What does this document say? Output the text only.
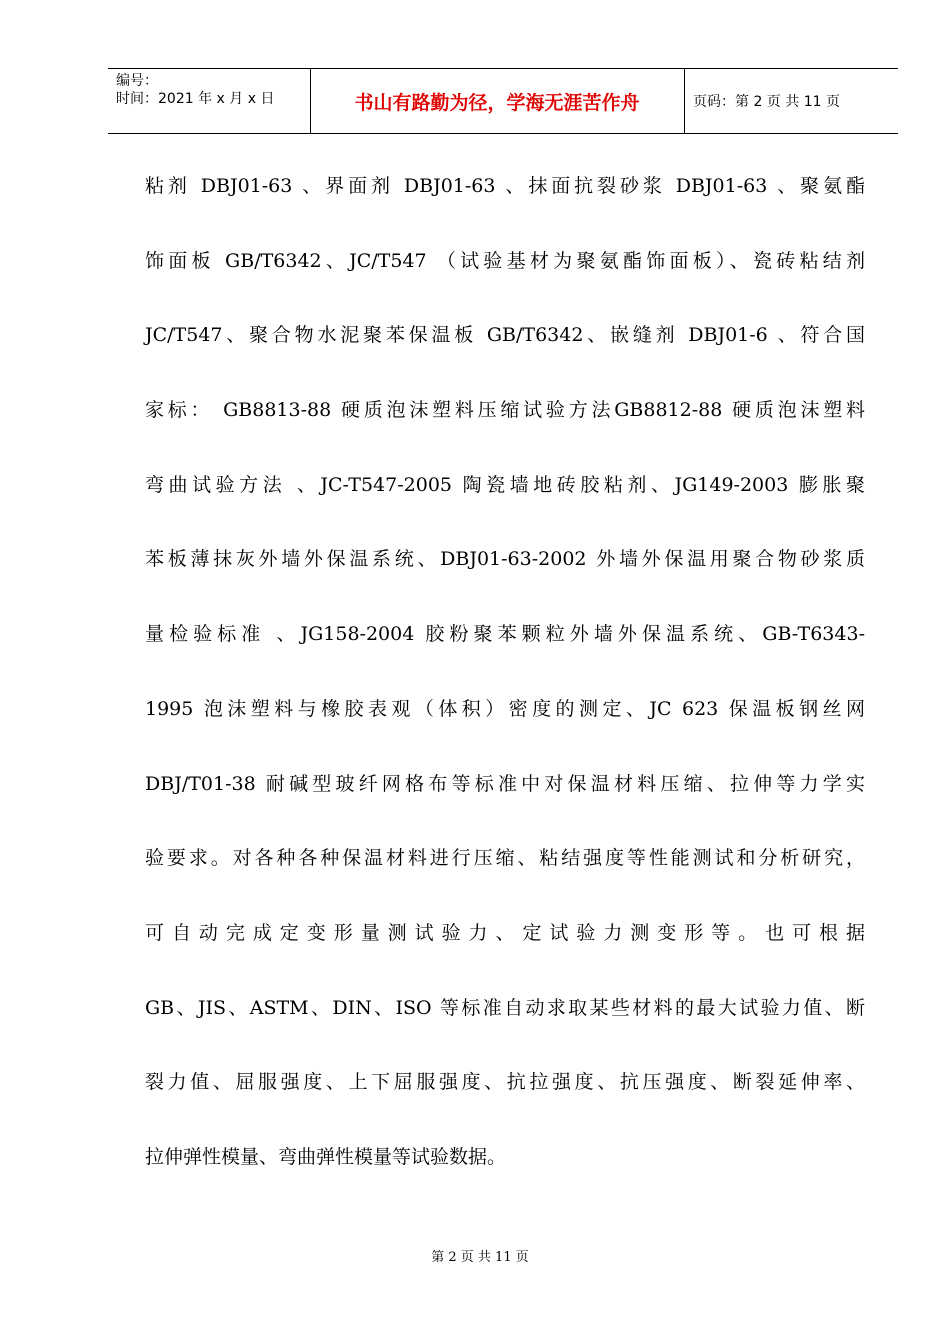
编号：
时间：2021 年 x 月 x 日	书山有路勤为径，学海无涯苦作舟	页码：第 2 页 共 11 页
粘剂 DBJ01-63 、界面剂 DBJ01-63 、抹面抗裂砂浆 DBJ01-63 、聚氨酯
饰面板 GB/T6342、JC/T547 （试验基材为聚氨酯饰面板）、瓷砖粘结剂
JC/T547、聚合物水泥聚苯保温板 GB/T6342、嵌缝剂 DBJ01-6 、符合国
家标： GB8813-88 硬质泡沫塑料压缩试验方法GB8812-88 硬质泡沫塑料
弯曲试验方法 、JC-T547-2005 陶瓷墙地砖胶粘剂、JG149-2003 膨胀聚
苯板薄抹灰外墙外保温系统、DBJ01-63-2002 外墙外保温用聚合物砂浆质
量检验标准 、JG158-2004 胶粉聚苯颗粒外墙外保温系统、GB-T6343-
1995 泡沫塑料与橡胶表观（体积）密度的测定、JC 623 保温板钢丝网
DBJ/T01-38 耐碱型玻纤网格布等标准中对保温材料压缩、拉伸等力学实
验要求。对各种各种保温材料进行压缩、粘结强度等性能测试和分析研究，
可自动完成定变形量测试验力、定试验力测变形等。也可根据
GB、JIS、ASTM、DIN、ISO 等标准自动求取某些材料的最大试验力值、断
裂力值、屈服强度、上下屈服强度、抗拉强度、抗压强度、断裂延伸率、
拉伸弹性模量、弯曲弹性模量等试验数据。
第 2 页 共 11 页
